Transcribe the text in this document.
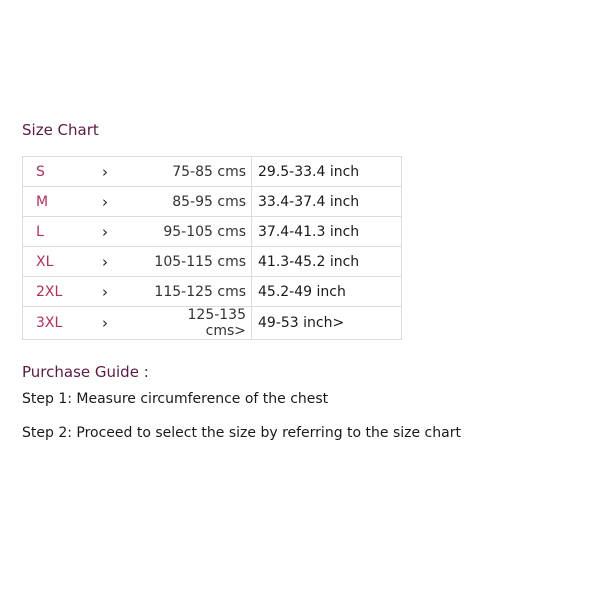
Size Chart
S	›	75-85 cms	29.5-33.4 inch
M	›	85-95 cms	33.4-37.4 inch
L	›	95-105 cms	37.4-41.3 inch
XL	›	105-115 cms	41.3-45.2 inch
2XL	›	115-125 cms	45.2-49 inch
3XL	›	125-135 cms>	49-53 inch>
Purchase Guide :

Step 1: Measure circumference of the chest

Step 2: Proceed to select the size by referring to the size chart
